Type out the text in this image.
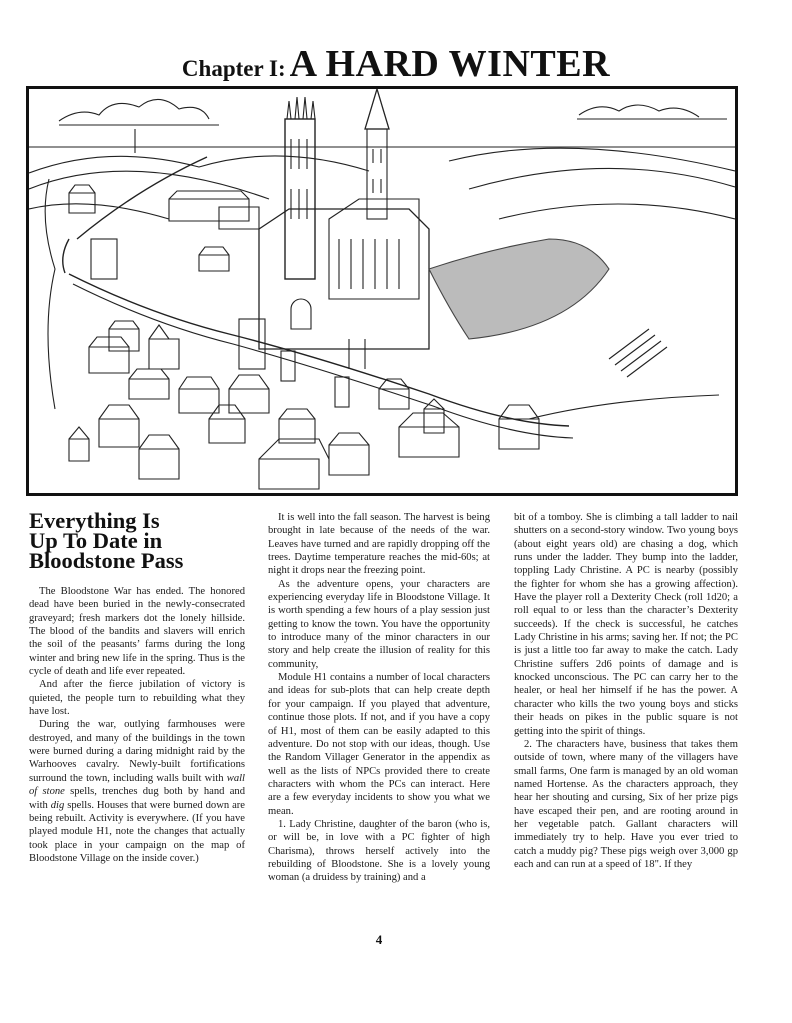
Chapter I: A HARD WINTER
Everything Is
Up To Date in
Bloodstone Pass

The Bloodstone War has ended. The honored dead have been buried in the newly-consecrated graveyard; fresh markers dot the lonely hillside. The blood of the bandits and slavers will enrich the soil of the peasants’ farms during the long winter and bring new life in the spring. Thus is the cycle of death and life ever repeated.

And after the fierce jubilation of victory is quieted, the people turn to rebuilding what they have lost.

During the war, outlying farmhouses were destroyed, and many of the buildings in the town were burned during a daring midnight raid by the Warhooves cavalry. Newly-built fortifications surround the town, including walls built with wall of stone spells, trenches dug both by hand and with dig spells. Houses that were burned down are being rebuilt. Activity is everywhere. (If you have played module H1, note the changes that actually took place in your campaign on the map of Bloodstone Village on the inside cover.)

It is well into the fall season. The harvest is being brought in late because of the needs of the war. Leaves have turned and are rapidly dropping off the trees. Daytime temperature reaches the mid-60s; at night it drops near the freezing point.

As the adventure opens, your characters are experiencing everyday life in Bloodstone Village. It is worth spending a few hours of a play session just getting to know the town. You have the opportunity to introduce many of the minor characters in our story and help create the illusion of reality for this community,

Module H1 contains a number of local characters and ideas for sub-plots that can help create depth for your campaign. If you played that adventure, continue those plots. If not, and if you have a copy of H1, most of them can be easily adapted to this adventure. Do not stop with our ideas, though. Use the Random Villager Generator in the appendix as well as the lists of NPCs provided there to create characters with whom the PCs can interact. Here are a few everyday incidents to show you what we mean.

1. Lady Christine, daughter of the baron (who is, or will be, in love with a PC fighter of high Charisma), throws herself actively into the rebuilding of Bloodstone. She is a lovely young woman (a druidess by training) and a

bit of a tomboy. She is climbing a tall ladder to nail shutters on a second-story window. Two young boys (about eight years old) are chasing a dog, which runs under the ladder. They bump into the ladder, toppling Lady Christine. A PC is nearby (possibly the fighter for whom she has a growing affection). Have the player roll a Dexterity Check (roll 1d20; a roll equal to or less than the character’s Dexterity succeeds). If the check is successful, he catches Lady Christine in his arms; saving her. If not; the PC is just a little too far away to make the catch. Lady Christine suffers 2d6 points of damage and is knocked unconscious. The PC can carry her to the healer, or heal her himself if he has the power. A character who kills the two young boys and sticks their heads on pikes in the public square is not getting into the spirit of things.

2. The characters have, business that takes them outside of town, where many of the villagers have small farms, One farm is managed by an old woman named Hortense. As the characters approach, they hear her shouting and cursing, Six of her prize pigs have escaped their pen, and are rooting around in her vegetable patch. Gallant characters will immediately try to help. Have you ever tried to catch a muddy pig? These pigs weigh over 3,000 gp each and can run at a speed of 18". If they

4
